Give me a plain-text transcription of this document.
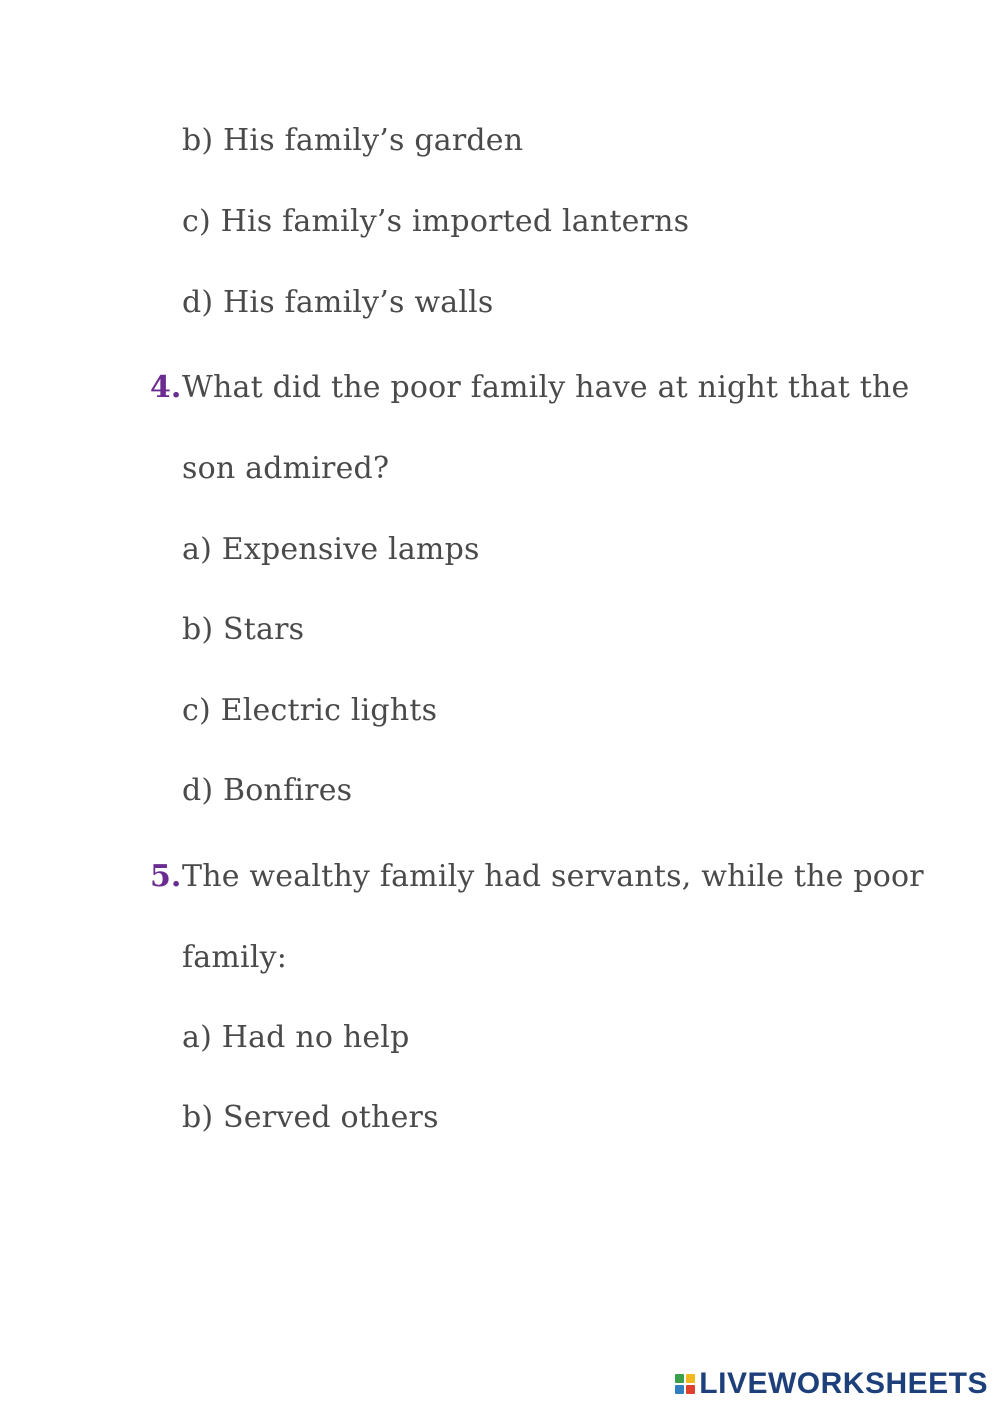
b) His family’s garden
c) His family’s imported lanterns
d) His family’s walls
4. What did the poor family have at night that the
son admired?
a) Expensive lamps
b) Stars
c) Electric lights
d) Bonfires
5. The wealthy family had servants, while the poor
family:
a) Had no help
b) Served others
LIVEWORKSHEETS
